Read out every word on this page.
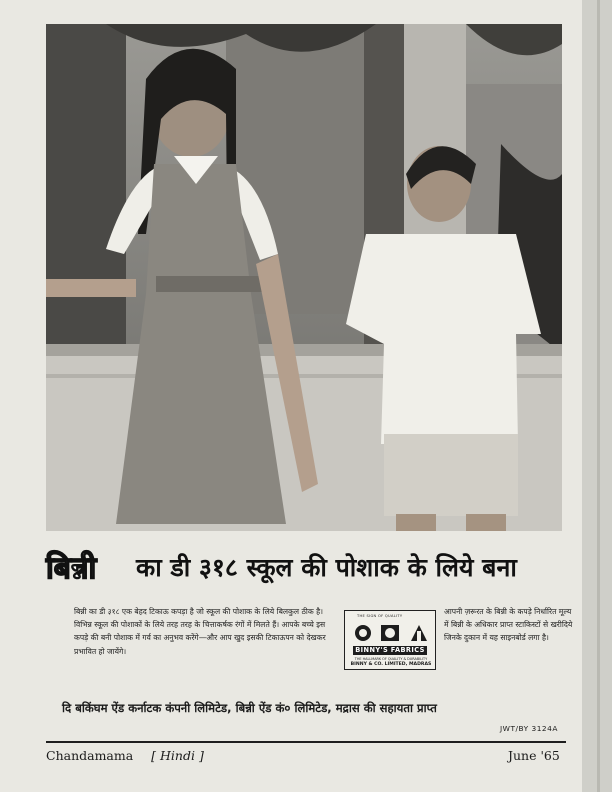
बिन्नी का डी ३१८ स्कूल की पोशाक के लिये बना
बिन्नी का डी ३१८ एक बेहद टिकाऊ कपड़ा है जो स्कूल की पोशाक के लिये बिलकुल ठीक है। विभिन्न स्कूल की पोशाकों के लिये तरह तरह के चित्ताकर्षक रंगों में मिलते हैं। आपके बच्चे इस कपड़े की बनी पोशाक में गर्व का अनुभव करेंगे—और आप खुद इसकी टिकाऊपन को देखकर प्रभावित हो जायेंगे।
THE SIGN OF QUALITY
BINNY'S FABRICS
THE HALLMARK OF QUALITY & DURABILITY
BINNY & CO. LIMITED, MADRAS
आपनी ज़रूरत के बिन्नी के कपड़े निर्धारित मूल्य में बिन्नी के अधिकार प्राप्त स्टाकिस्टों से खरीदिये जिनके दुकान में यह साइनबोर्ड लगा है।
दि बकिंघम ऐंड कर्नाटक कंपनी लिमिटेड, बिन्नी ऐंड कं० लिमिटेड, मद्रास की सहायता प्राप्त
JWT/BY 3124A
Chandamama [ Hindi ]	June '65
